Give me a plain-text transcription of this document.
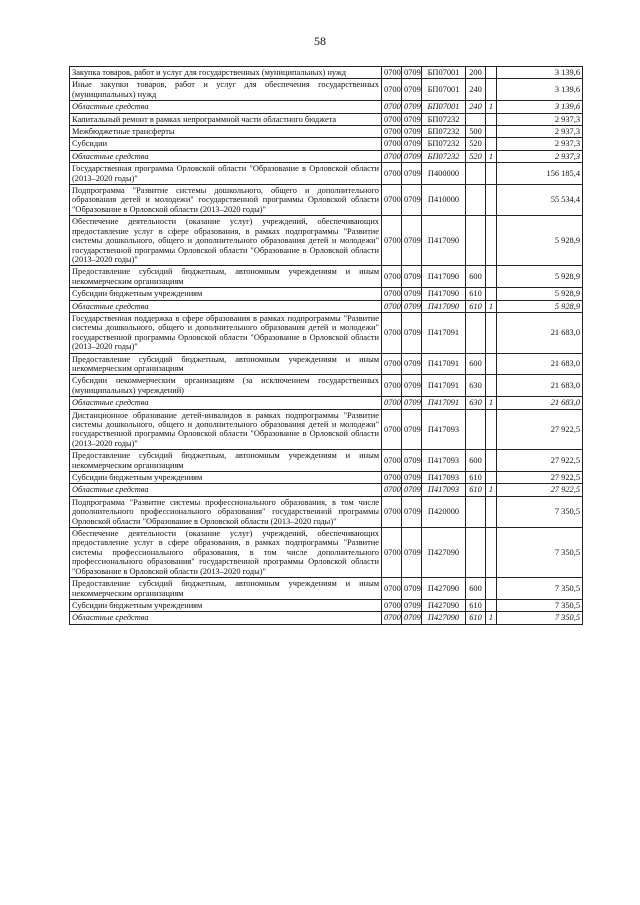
58
Закупка товаров, работ и услуг для государственных (муниципальных) нужд	0700	0709	БП07001	200		3 139,6
Иные закупки товаров, работ и услуг для обеспечения государственных (муниципальных) нужд	0700	0709	БП07001	240		3 139,6
Областные средства	0700	0709	БП07001	240	1	3 139,6
Капитальный ремонт в рамках непрограммной части областного бюджета	0700	0709	БП07232			2 937,3
Межбюджетные трансферты	0700	0709	БП07232	500		2 937,3
Субсидии	0700	0709	БП07232	520		2 937,3
Областные средства	0700	0709	БП07232	520	1	2 937,3
Государственная программа Орловской области "Образование в Орловской области (2013–2020 годы)"	0700	0709	П400000			156 185,4
Подпрограмма "Развитие системы дошкольного, общего и дополнительного образования детей и молодежи" государственной программы Орловской области "Образование в Орловской области (2013–2020 годы)"	0700	0709	П410000			55 534,4
Обеспечение деятельности (оказание услуг) учреждений, обеспечивающих предоставление услуг в сфере образования, в рамках подпрограммы "Развитие системы дошкольного, общего и дополнительного образования детей и молодежи" государственной программы Орловской области "Образование в Орловской области (2013–2020 годы)"	0700	0709	П417090			5 928,9
Предоставление субсидий бюджетным, автономным учреждениям и иным некоммерческим организациям	0700	0709	П417090	600		5 928,9
Субсидии бюджетным учреждениям	0700	0709	П417090	610		5 928,9
Областные средства	0700	0709	П417090	610	1	5 928,9
Государственная поддержка в сфере образования в рамках подпрограммы "Развитие системы дошкольного, общего и дополнительного образования детей и молодежи" государственной программы Орловской области "Образование в Орловской области (2013–2020 годы)"	0700	0709	П417091			21 683,0
Предоставление субсидий бюджетным, автономным учреждениям и иным некоммерческим организациям	0700	0709	П417091	600		21 683,0
Субсидии некоммерческим организациям (за исключением государственных (муниципальных) учреждений)	0700	0709	П417091	630		21 683,0
Областные средства	0700	0709	П417091	630	1	21 683,0
Дистанционное образование детей-инвалидов в рамках подпрограммы "Развитие системы дошкольного, общего и дополнительного образования детей и молодежи" государственной программы Орловской области "Образование в Орловской области (2013–2020 годы)"	0700	0709	П417093			27 922,5
Предоставление субсидий бюджетным, автономным учреждениям и иным некоммерческим организациям	0700	0709	П417093	600		27 922,5
Субсидии бюджетным учреждениям	0700	0709	П417093	610		27 922,5
Областные средства	0700	0709	П417093	610	1	27 922,5
Подпрограмма "Развитие системы профессионального образования, в том числе дополнительного профессионального образования" государственной программы Орловской области "Образование в Орловской области (2013–2020 годы)"	0700	0709	П420000			7 350,5
Обеспечение деятельности (оказание услуг) учреждений, обеспечивающих предоставление услуг в сфере образования, в рамках подпрограммы "Развитие системы профессионального образования, в том числе дополнительного профессионального образования" государственной программы Орловской области "Образование в Орловской области (2013–2020 годы)"	0700	0709	П427090			7 350,5
Предоставление субсидий бюджетным, автономным учреждениям и иным некоммерческим организациям	0700	0709	П427090	600		7 350,5
Субсидии бюджетным учреждениям	0700	0709	П427090	610		7 350,5
Областные средства	0700	0709	П427090	610	1	7 350,5
